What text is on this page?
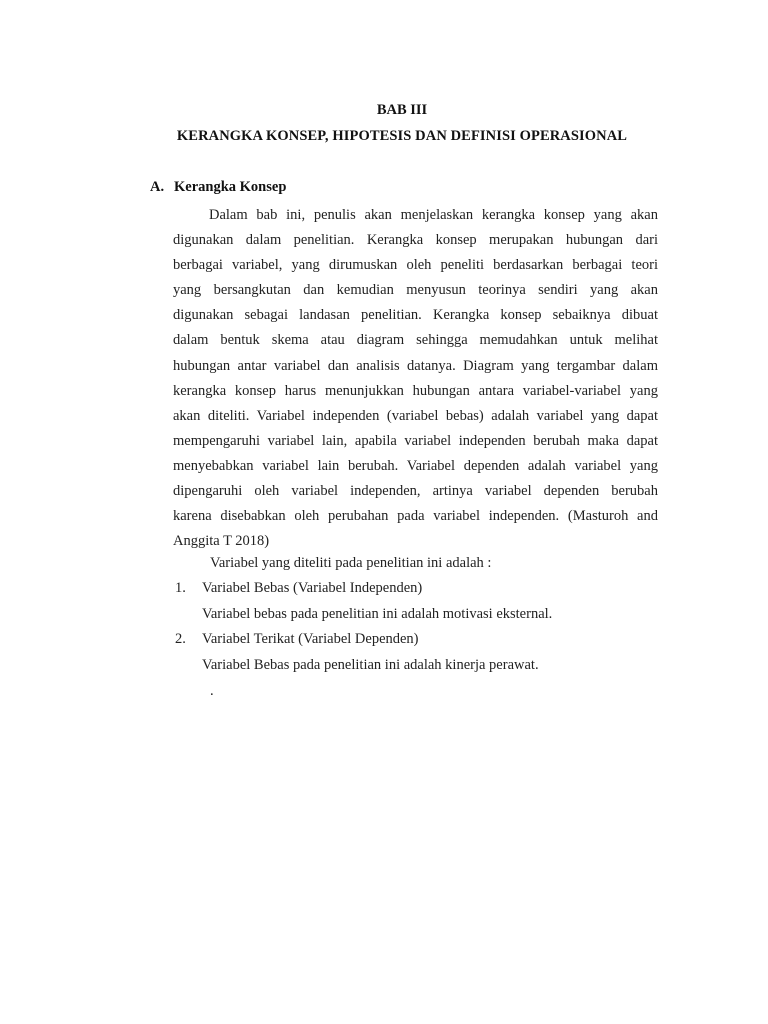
BAB III
KERANGKA KONSEP, HIPOTESIS DAN DEFINISI OPERASIONAL
A. Kerangka Konsep
Dalam bab ini, penulis akan menjelaskan kerangka konsep yang akan
digunakan dalam penelitian. Kerangka konsep merupakan hubungan dari
berbagai variabel, yang dirumuskan oleh peneliti berdasarkan berbagai teori
yang bersangkutan dan kemudian menyusun teorinya sendiri yang akan
digunakan sebagai landasan penelitian. Kerangka konsep sebaiknya dibuat
dalam bentuk skema atau diagram sehingga memudahkan untuk melihat
hubungan antar variabel dan analisis datanya. Diagram yang tergambar dalam
kerangka konsep harus menunjukkan hubungan antara variabel-variabel yang
akan diteliti. Variabel independen (variabel bebas) adalah variabel yang dapat
mempengaruhi variabel lain, apabila variabel independen berubah maka dapat
menyebabkan variabel lain berubah. Variabel dependen adalah variabel yang
dipengaruhi oleh variabel independen, artinya variabel dependen berubah
karena disebabkan oleh perubahan pada variabel independen. (Masturoh and
Anggita T 2018)
Variabel yang diteliti pada penelitian ini adalah :
1. Variabel Bebas (Variabel Independen)
Variabel bebas pada penelitian ini adalah motivasi eksternal.
2. Variabel Terikat (Variabel Dependen)
Variabel Bebas pada penelitian ini adalah kinerja perawat.
.
